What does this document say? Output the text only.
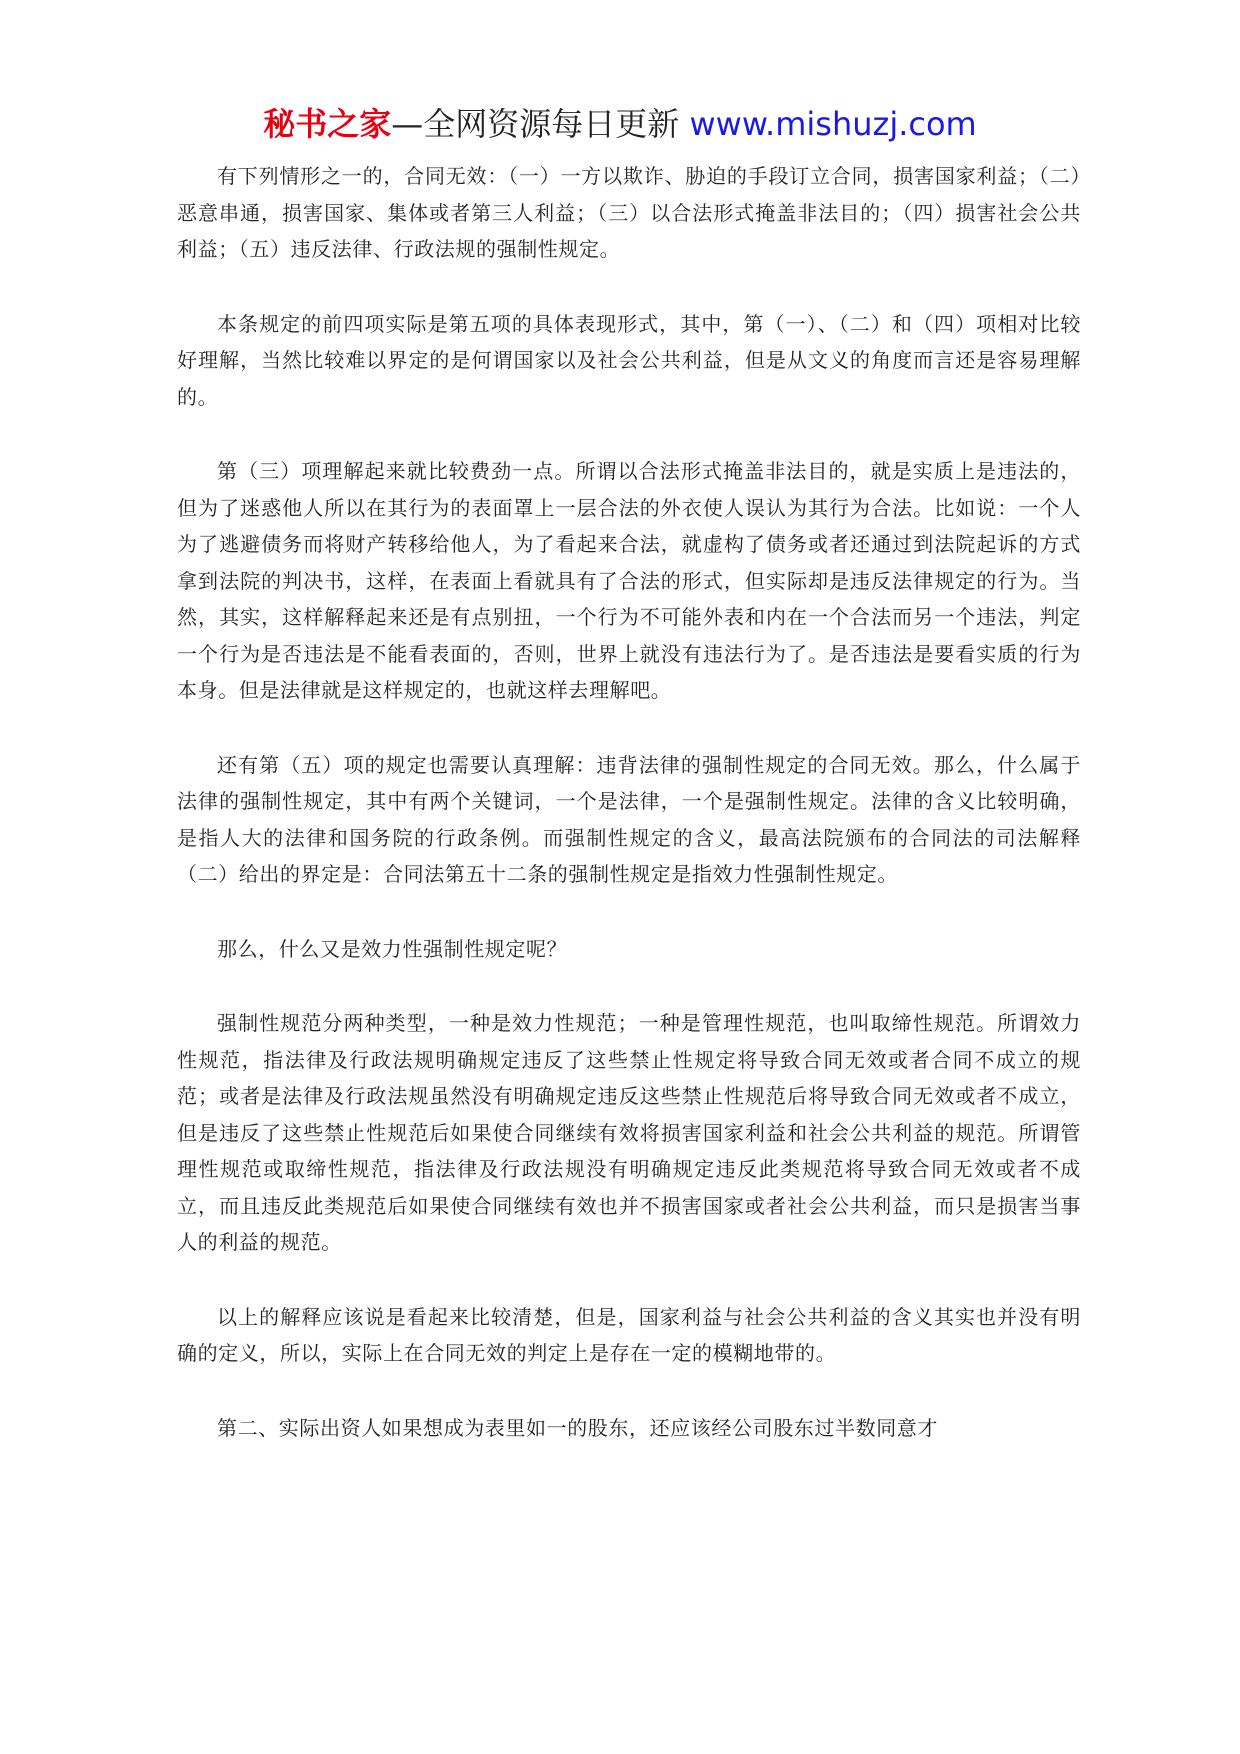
秘书之家—全网资源每日更新 www.mishuzj.com

有下列情形之一的，合同无效：（一）一方以欺诈、胁迫的手段订立合同，损害国家利益；（二）恶意串通，损害国家、集体或者第三人利益；（三）以合法形式掩盖非法目的；（四）损害社会公共利益；（五）违反法律、行政法规的强制性规定。

本条规定的前四项实际是第五项的具体表现形式，其中，第（一）、（二）和（四）项相对比较好理解，当然比较难以界定的是何谓国家以及社会公共利益，但是从文义的角度而言还是容易理解的。

第（三）项理解起来就比较费劲一点。所谓以合法形式掩盖非法目的，就是实质上是违法的，但为了迷惑他人所以在其行为的表面罩上一层合法的外衣使人误认为其行为合法。比如说：一个人为了逃避债务而将财产转移给他人，为了看起来合法，就虚构了债务或者还通过到法院起诉的方式拿到法院的判决书，这样，在表面上看就具有了合法的形式，但实际却是违反法律规定的行为。当然，其实，这样解释起来还是有点别扭，一个行为不可能外表和内在一个合法而另一个违法，判定一个行为是否违法是不能看表面的，否则，世界上就没有违法行为了。是否违法是要看实质的行为本身。但是法律就是这样规定的，也就这样去理解吧。

还有第（五）项的规定也需要认真理解：违背法律的强制性规定的合同无效。那么，什么属于法律的强制性规定，其中有两个关键词，一个是法律，一个是强制性规定。法律的含义比较明确，是指人大的法律和国务院的行政条例。而强制性规定的含义，最高法院颁布的合同法的司法解释（二）给出的界定是：合同法第五十二条的强制性规定是指效力性强制性规定。

那么，什么又是效力性强制性规定呢？

强制性规范分两种类型，一种是效力性规范；一种是管理性规范，也叫取缔性规范。所谓效力性规范，指法律及行政法规明确规定违反了这些禁止性规定将导致合同无效或者合同不成立的规范；或者是法律及行政法规虽然没有明确规定违反这些禁止性规范后将导致合同无效或者不成立，但是违反了这些禁止性规范后如果使合同继续有效将损害国家利益和社会公共利益的规范。所谓管理性规范或取缔性规范，指法律及行政法规没有明确规定违反此类规范将导致合同无效或者不成立，而且违反此类规范后如果使合同继续有效也并不损害国家或者社会公共利益，而只是损害当事人的利益的规范。

以上的解释应该说是看起来比较清楚，但是，国家利益与社会公共利益的含义其实也并没有明确的定义，所以，实际上在合同无效的判定上是存在一定的模糊地带的。

第二、实际出资人如果想成为表里如一的股东，还应该经公司股东过半数同意才
